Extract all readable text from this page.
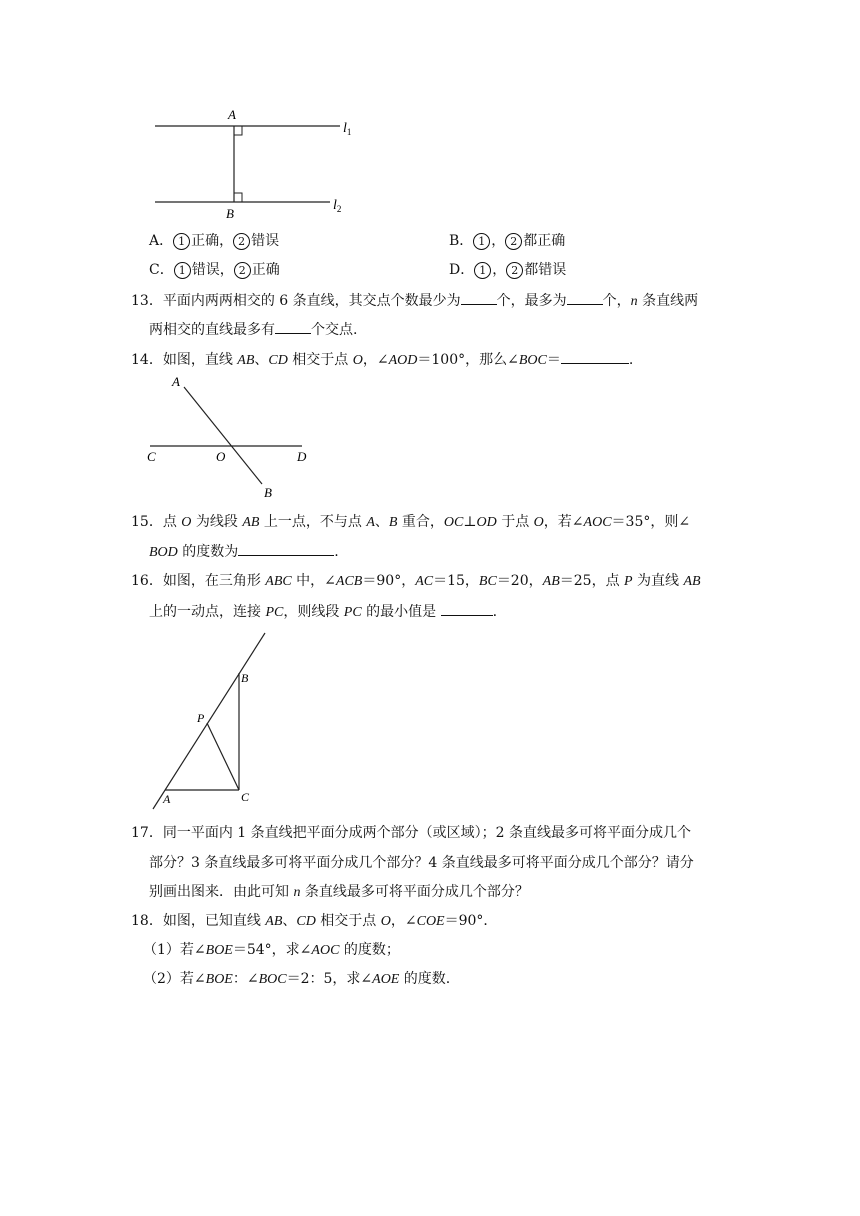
A
B
$l_1$
$l_2$
A． 1 正确， 2 错误	B． 1 ， 2 都正确
C． 1 错误， 2 正确	D． 1 ， 2 都错误
13．平面内两两相交的 6 条直线，其交点个数最少为	个，最多为	个，n 条直线两
两相交的直线最多有	个交点.
14．如图，直线 AB、CD 相交于点 O，∠AOD＝100°，那么∠BOC＝	.
A
B
C	O	D
15．点 O 为线段 AB 上一点，不与点 A、B 重合，OC⊥OD 于点 O，若∠AOC＝35°，则∠
BOD 的度数为	.
16．如图，在三角形 ABC 中，∠ACB＝90°，AC＝15，BC＝20，AB＝25，点 P 为直线 AB
上的一动点，连接 PC，则线段 PC 的最小值是	.
A
B
C
P
17．同一平面内 1 条直线把平面分成两个部分（或区域）；2 条直线最多可将平面分成几个
部分？3 条直线最多可将平面分成几个部分？4 条直线最多可将平面分成几个部分？请分
别画出图来．由此可知 n 条直线最多可将平面分成几个部分？
18．如图，已知直线 AB、CD 相交于点 O，∠COE＝90°．
（1）若∠BOE＝54°，求∠AOC 的度数；
（2）若∠BOE：∠BOC＝2：5，求∠AOE 的度数.
